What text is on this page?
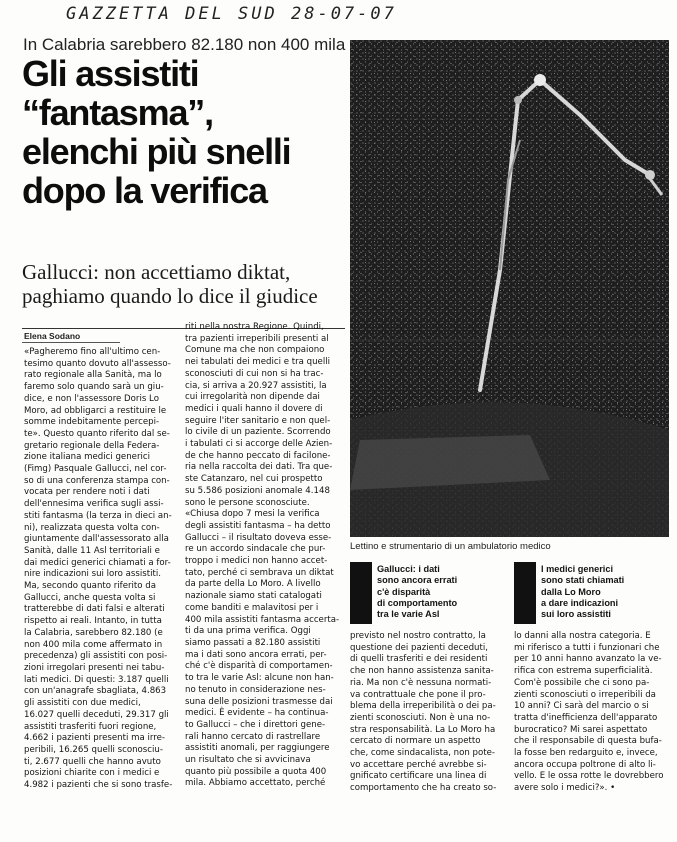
GAZZETTA DEL SUD 28-07-07
In Calabria sarebbero 82.180 non 400 mila
Gli assistiti
“fantasma”,
elenchi più snelli
dopo la verifica
Gallucci: non accettiamo diktat,
paghiamo quando lo dice il giudice
Elena Sodano
«Pagheremo fino all'ultimo cen-
tesimo quanto dovuto all'assesso-
rato regionale alla Sanità, ma lo
faremo solo quando sarà un giu-
dice, e non l'assessore Doris Lo
Moro, ad obbligarci a restituire le
somme indebitamente percepi-
te». Questo quanto riferito dal se-
gretario regionale della Federa-
zione italiana medici generici
(Fimg) Pasquale Gallucci, nel cor-
so di una conferenza stampa con-
vocata per rendere noti i dati
dell'ennesima verifica sugli assi-
stiti fantasma (la terza in dieci an-
ni), realizzata questa volta con-
giuntamente dall'assessorato alla
Sanità, dalle 11 Asl territoriali e
dai medici generici chiamati a for-
nire indicazioni sui loro assistiti.
Ma, secondo quanto riferito da
Gallucci, anche questa volta si
tratterebbe di dati falsi e alterati
rispetto ai reali. Intanto, in tutta
la Calabria, sarebbero 82.180 (e
non 400 mila come affermato in
precedenza) gli assistiti con posi-
zioni irregolari presenti nei tabu-
lati medici. Di questi: 3.187 quelli
con un'anagrafe sbagliata, 4.863
gli assistiti con due medici,
16.027 quelli deceduti, 29.317 gli
assistiti trasferiti fuori regione,
4.662 i pazienti presenti ma irre-
peribili, 16.265 quelli sconosciu-
ti, 2.677 quelli che hanno avuto
posizioni chiarite con i medici e
4.982 i pazienti che si sono trasfe-
riti nella nostra Regione. Quindi,
tra pazienti irreperibili presenti al
Comune ma che non compaiono
nei tabulati dei medici e tra quelli
sconosciuti di cui non si ha trac-
cia, si arriva a 20.927 assistiti, la
cui irregolarità non dipende dai
medici i quali hanno il dovere di
seguire l'iter sanitario e non quel-
lo civile di un paziente. Scorrendo
i tabulati ci si accorge delle Azien-
de che hanno peccato di facilone-
ria nella raccolta dei dati. Tra que-
ste Catanzaro, nel cui prospetto
su 5.586 posizioni anomale 4.148
sono le persone sconosciute.
«Chiusa dopo 7 mesi la verifica
degli assistiti fantasma – ha detto
Gallucci – il risultato doveva esse-
re un accordo sindacale che pur-
troppo i medici non hanno accet-
tato, perché ci sembrava un diktat
da parte della Lo Moro. A livello
nazionale siamo stati catalogati
come banditi e malavitosi per i
400 mila assistiti fantasma accerta-
ti da una prima verifica. Oggi
siamo passati a 82.180 assistiti
ma i dati sono ancora errati, per-
ché c'è disparità di comportamen-
to tra le varie Asl: alcune non han-
no tenuto in considerazione nes-
suna delle posizioni trasmesse dai
medici. È evidente – ha continua-
to Gallucci – che i direttori gene-
rali hanno cercato di rastrellare
assistiti anomali, per raggiungere
un risultato che si avvicinava
quanto più possibile a quota 400
mila. Abbiamo accettato, perché
Lettino e strumentario di un ambulatorio medico
Gallucci: i dati
sono ancora errati
c'è disparità
di comportamento
tra le varie Asl
I medici generici
sono stati chiamati
dalla Lo Moro
a dare indicazioni
sui loro assistiti
previsto nel nostro contratto, la
questione dei pazienti deceduti,
di quelli trasferiti e dei residenti
che non hanno assistenza sanita-
ria. Ma non c'è nessuna normati-
va contrattuale che pone il pro-
blema della irreperibilità o dei pa-
zienti sconosciuti. Non è una no-
stra responsabilità. La Lo Moro ha
cercato di normare un aspetto
che, come sindacalista, non pote-
vo accettare perché avrebbe si-
gnificato certificare una linea di
comportamento che ha creato so-
lo danni alla nostra categoria. E
mi riferisco a tutti i funzionari che
per 10 anni hanno avanzato la ve-
rifica con estrema superficialità.
Com'è possibile che ci sono pa-
zienti sconosciuti o irreperibili da
10 anni? Ci sarà del marcio o si
tratta d'inefficienza dell'apparato
burocratico? Mi sarei aspettato
che il responsabile di questa bufa-
la fosse ben redarguito e, invece,
ancora occupa poltrone di alto li-
vello. E le ossa rotte le dovrebbero
avere solo i medici?». •
